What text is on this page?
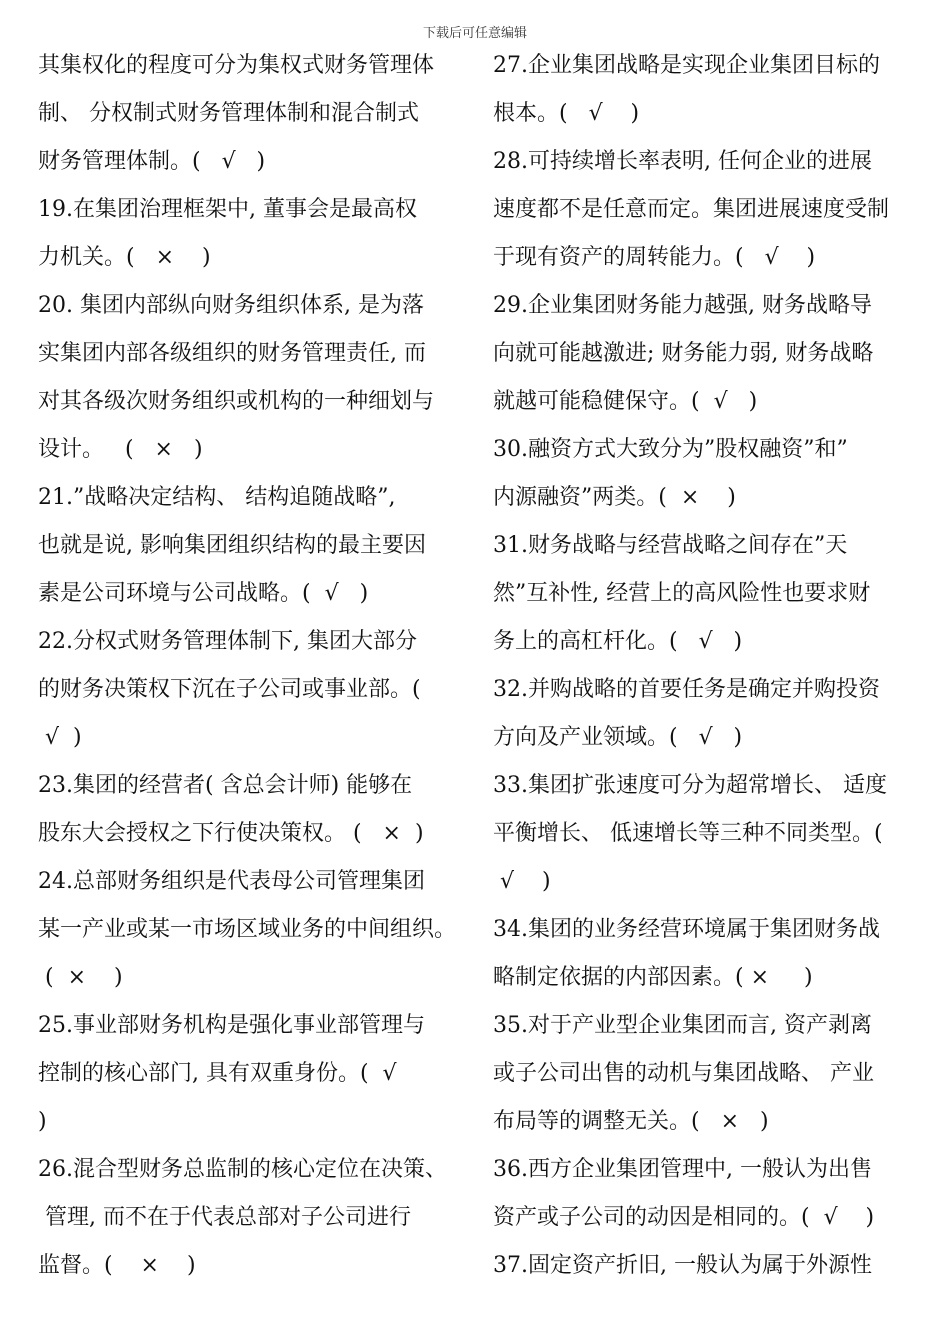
下载后可任意编辑
其集权化的程度可分为集权式财务管理体
制、 分权制式财务管理体制和混合制式
财务管理体制。(   √   )
19.在集团治理框架中, 董事会是最高权
力机关。(   ×    )
20. 集团内部纵向财务组织体系, 是为落
实集团内部各级组织的财务管理责任, 而
对其各级次财务组织或机构的一种细划与
设计。   (   ×   )
21.”战略决定结构、 结构追随战略”,
也就是说, 影响集团组织结构的最主要因
素是公司环境与公司战略。(  √   )
22.分权式财务管理体制下, 集团大部分
的财务决策权下沉在子公司或事业部。(
√  )
23.集团的经营者( 含总会计师) 能够在
股东大会授权之下行使决策权。 (   ×  )
24.总部财务组织是代表母公司管理集团
某一产业或某一市场区域业务的中间组织。
(  ×    )
25.事业部财务机构是强化事业部管理与
控制的核心部门, 具有双重身份。(  √
)
26.混合型财务总监制的核心定位在决策、
管理, 而不在于代表总部对子公司进行
监督。(    ×    )
27.企业集团战略是实现企业集团目标的
根本。(   √    )
28.可持续增长率表明, 任何企业的进展
速度都不是任意而定。集团进展速度受制
于现有资产的周转能力。(   √    )
29.企业集团财务能力越强, 财务战略导
向就可能越激进; 财务能力弱, 财务战略
就越可能稳健保守。(  √   )
30.融资方式大致分为”股权融资”和”
内源融资”两类。(  ×    )
31.财务战略与经营战略之间存在”天
然”互补性, 经营上的高风险性也要求财
务上的高杠杆化。(   √   )
32.并购战略的首要任务是确定并购投资
方向及产业领域。(   √   )
33.集团扩张速度可分为超常增长、 适度
平衡增长、 低速增长等三种不同类型。(
√    )
34.集团的业务经营环境属于集团财务战
略制定依据的内部因素。( ×     )
35.对于产业型企业集团而言, 资产剥离
或子公司出售的动机与集团战略、 产业
布局等的调整无关。(   ×   )
36.西方企业集团管理中, 一般认为出售
资产或子公司的动因是相同的。(  √    )
37.固定资产折旧, 一般认为属于外源性
